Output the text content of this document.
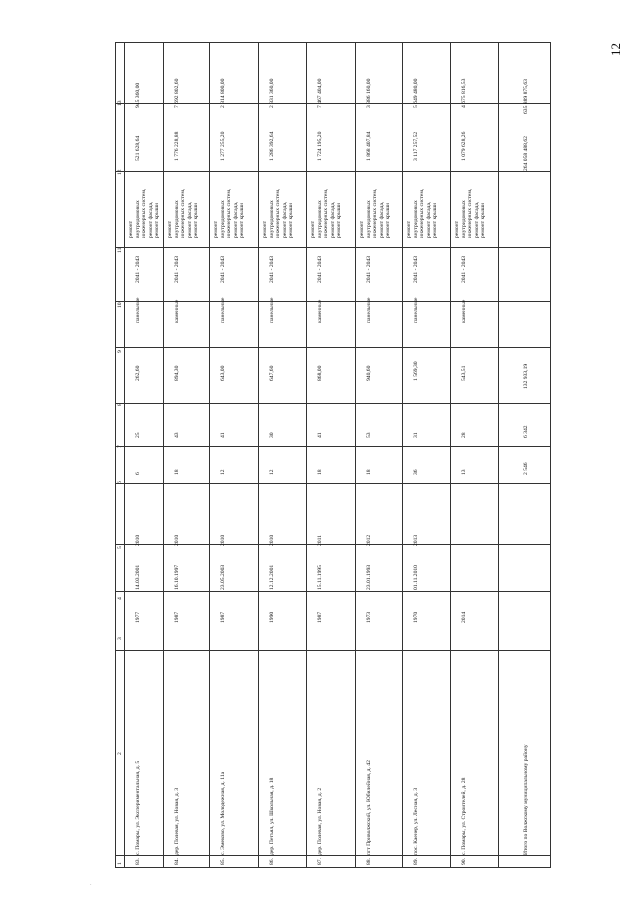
12
1
2
3
4
5
6
7
8
9
10
11
12
13
83.
с. Помары, ул. Экспериментальная, д. 5
1977
14.03.2001
2010
6
25
262,60
панельные
2041 - 2043
ремонт внутридомовых инженерных систем, ремонт фасада, ремонт крыши
521 628,64
945 360,00
84.
дер. Полевая, ул. Новая, д. 3
1987
16.10.1997
2010
18
43
894,30
каменные
2041 - 2043
ремонт внутридомовых инженерных систем, ремонт фасада, ремонт крыши
1 776 228,88
7 692 802,60
85.
с. Эмеково, ул. Молодежная, д. 11а
1987
23.05.2003
2010
12
41
643,00
панельные
2041 - 2043
ремонт внутридомовых инженерных систем, ремонт фасада, ремонт крыши
1 277 255,20
2 314 800,00
86.
дер. Петъял, ул. Школьная, д. 18
1990
12.12.2001
2010
12
30
647,60
панельные
2041 - 2043
ремонт внутридомовых инженерных систем, ремонт фасада, ремонт крыши
1 286 392,64
2 331 360,00
87.
дер. Полевая, ул. Новая, д. 2
1987
15.11.1995
2011
18
41
868,00
каменные
2041 - 2043
ремонт внутридомовых инженерных систем, ремонт фасада, ремонт крыши
1 724 195,20
7 467 404,00
88.
пгт Приволжский, ул. Юбилейная, д. 42
1973
23.01.1993
2012
18
53
940,60
панельные
2041 - 2043
ремонт внутридомовых инженерных систем, ремонт фасада, ремонт крыши
1 868 407,84
3 386 160,00
89.
пос. Каенер, ул. Лесная, д. 3
1970
01.11.2010
2013
36
31
1 569,30
панельные
2041 - 2043
ремонт внутридомовых инженерных систем, ремонт фасада, ремонт крыши
3 117 257,52
5 649 480,00
90.
с. Помары, ул. Строителей, д. 28
2014
13
28
543,51
каменные
2041 - 2043
ремонт внутридомовых инженерных систем, ремонт фасада, ремонт крыши
1 079 628,26
4 675 816,53
Итого по Волжскому муниципальному району
2 546
6 342
132 933,19
264 058 488,62
635 889 875,63
·
